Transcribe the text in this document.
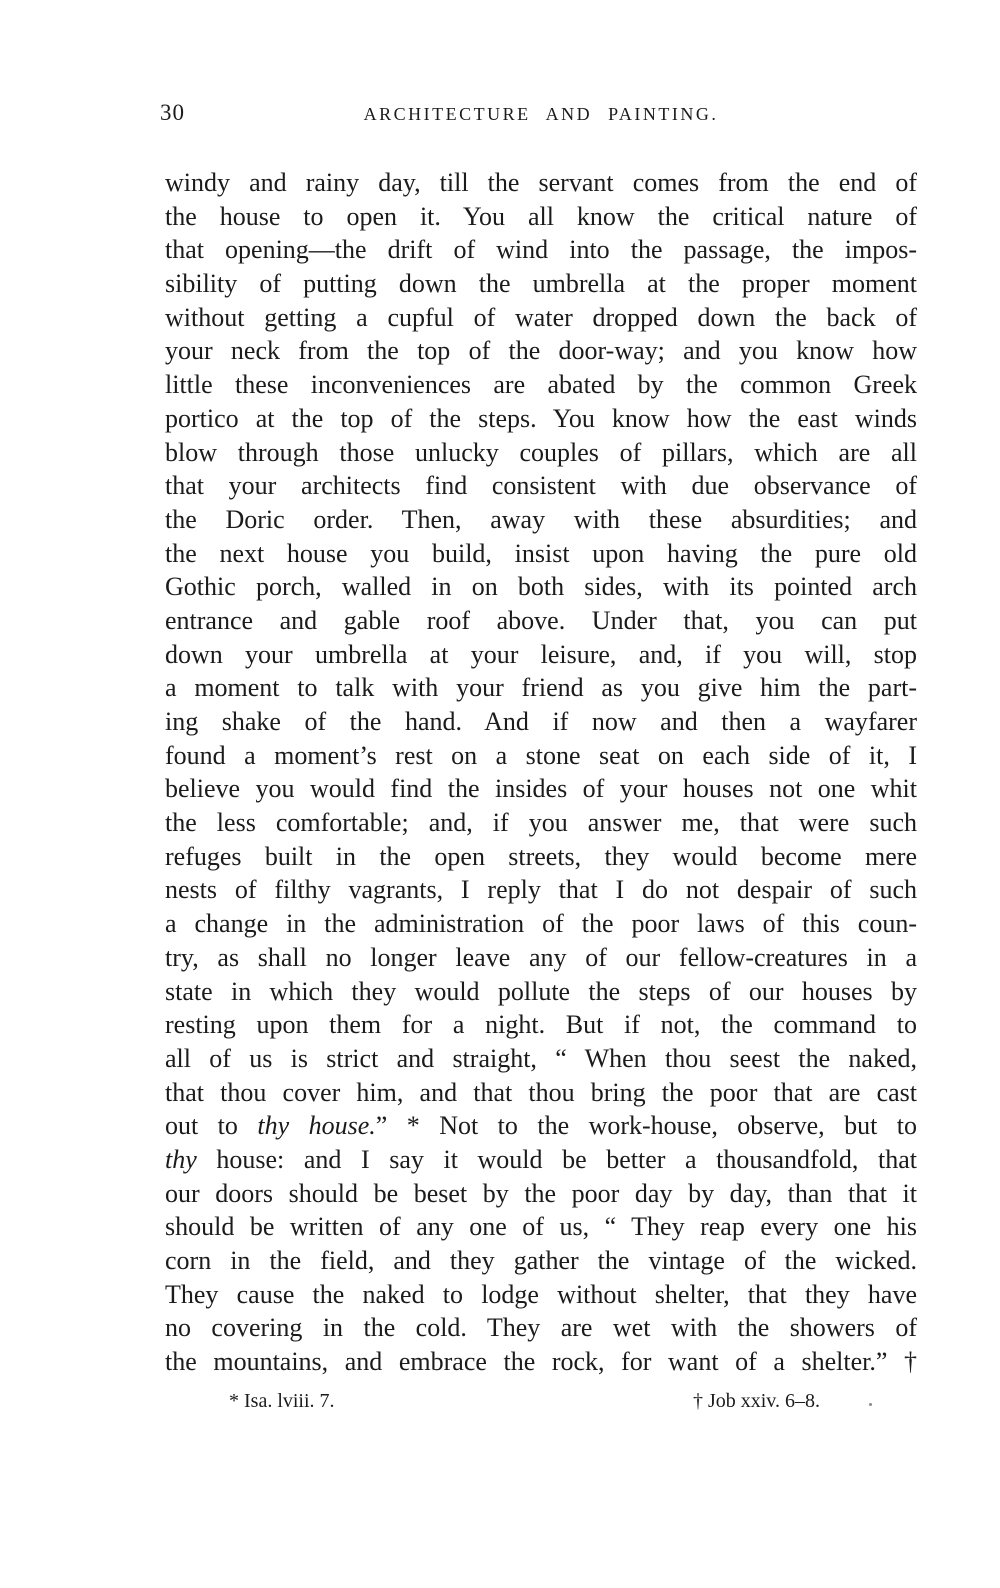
30	ARCHITECTURE AND PAINTING.
windy and rainy day, till the servant comes from the end of
the house to open it. You all know the critical nature of
that opening—the drift of wind into the passage, the impos-
sibility of putting down the umbrella at the proper moment
without getting a cupful of water dropped down the back of
your neck from the top of the door-way; and you know how
little these inconveniences are abated by the common Greek
portico at the top of the steps. You know how the east winds
blow through those unlucky couples of pillars, which are all
that your architects find consistent with due observance of
the Doric order. Then, away with these absurdities; and
the next house you build, insist upon having the pure old
Gothic porch, walled in on both sides, with its pointed arch
entrance and gable roof above. Under that, you can put
down your umbrella at your leisure, and, if you will, stop
a moment to talk with your friend as you give him the part-
ing shake of the hand. And if now and then a wayfarer
found a moment’s rest on a stone seat on each side of it, I
believe you would find the insides of your houses not one whit
the less comfortable; and, if you answer me, that were such
refuges built in the open streets, they would become mere
nests of filthy vagrants, I reply that I do not despair of such
a change in the administration of the poor laws of this coun-
try, as shall no longer leave any of our fellow-creatures in a
state in which they would pollute the steps of our houses by
resting upon them for a night. But if not, the command to
all of us is strict and straight, “ When thou seest the naked,
that thou cover him, and that thou bring the poor that are cast
out to thy house.” * Not to the work-house, observe, but to
thy house: and I say it would be better a thousandfold, that
our doors should be beset by the poor day by day, than that it
should be written of any one of us, “ They reap every one his
corn in the field, and they gather the vintage of the wicked.
They cause the naked to lodge without shelter, that they have
no covering in the cold. They are wet with the showers of
the mountains, and embrace the rock, for want of a shelter.” †
* Isa. lviii. 7.	† Job xxiv. 6–8.
